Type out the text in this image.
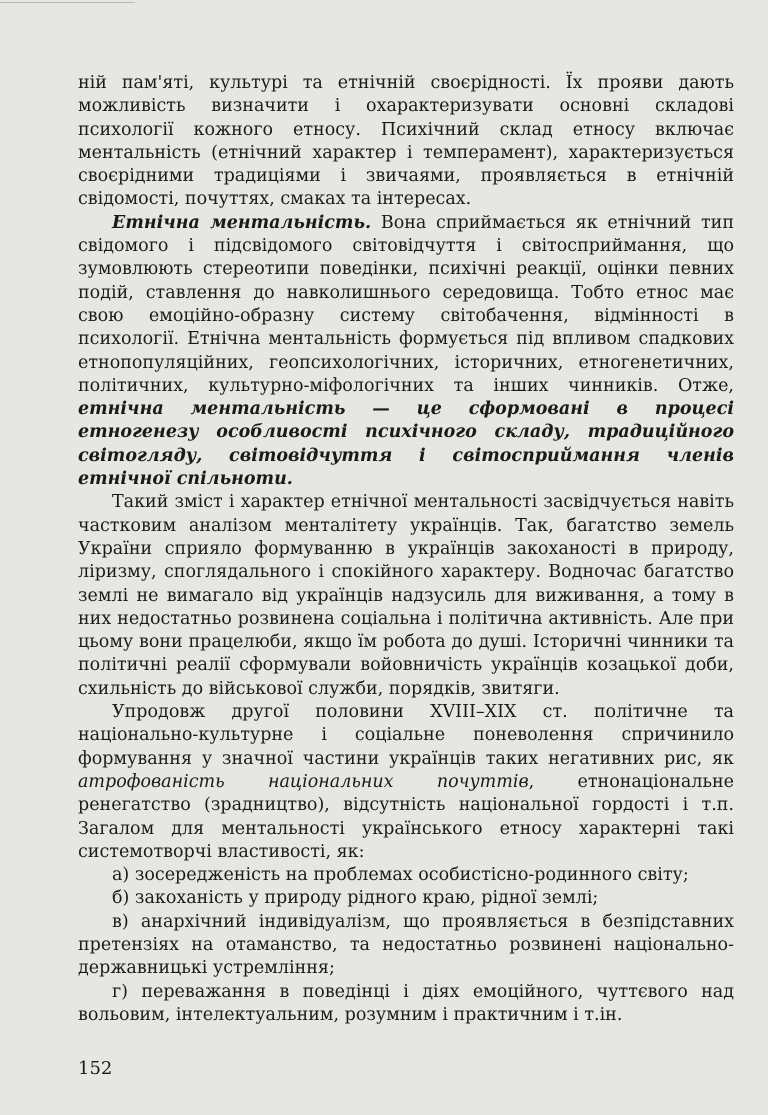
ній пам'яті, культурі та етнічній своєрідності. Їх прояви дають можливість визначити і охарактеризувати основні складові психології кожного етносу. Психічний склад етносу включає ментальність (етнічний характер і темперамент), характеризується своєрідними традиціями і звичаями, проявляється в етнічній свідомості, почуттях, смаках та інтересах.

Етнічна ментальність. Вона сприймається як етнічний тип свідомого і підсвідомого світовідчуття і світосприймання, що зумовлюють стереотипи поведінки, психічні реакції, оцінки певних подій, ставлення до навколишнього середовища. Тобто етнос має свою емоційно-образну систему світобачення, відмінності в психології. Етнічна ментальність формується під впливом спадкових етнопопуляційних, геопсихологічних, історичних, етногенетичних, політичних, культурно-міфологічних та інших чинників. Отже, етнічна ментальність — це сформовані в процесі етногенезу особливості психічного складу, традиційного світогляду, світовідчуття і світосприймання членів етнічної спільноти.

Такий зміст і характер етнічної ментальності засвідчується навіть частковим аналізом менталітету українців. Так, багатство земель України сприяло формуванню в українців закоханості в природу, ліризму, споглядального і спокійного характеру. Водночас багатство землі не вимагало від українців надзусиль для виживання, а тому в них недостатньо розвинена соціальна і політична активність. Але при цьому вони працелюби, якщо їм робота до душі. Історичні чинники та політичні реалії сформували войовничість українців козацької доби, схильність до військової служби, порядків, звитяги.

Упродовж другої половини XVIII–XIX ст. політичне та національно-культурне і соціальне поневолення спричинило формування у значної частини українців таких негативних рис, як атрофованість національних почуттів, етнонаціональне ренегатство (зрадництво), відсутність національної гордості і т.п. Загалом для ментальності українського етносу характерні такі системотворчі властивості, як:

а) зосередженість на проблемах особистісно-родинного світу;

б) закоханість у природу рідного краю, рідної землі;

в) анархічний індивідуалізм, що проявляється в безпідставних претензіях на отаманство, та недостатньо розвинені національно-державницькі устремління;

г) переважання в поведінці і діях емоційного, чуттєвого над вольовим, інтелектуальним, розумним і практичним і т.ін.

152
